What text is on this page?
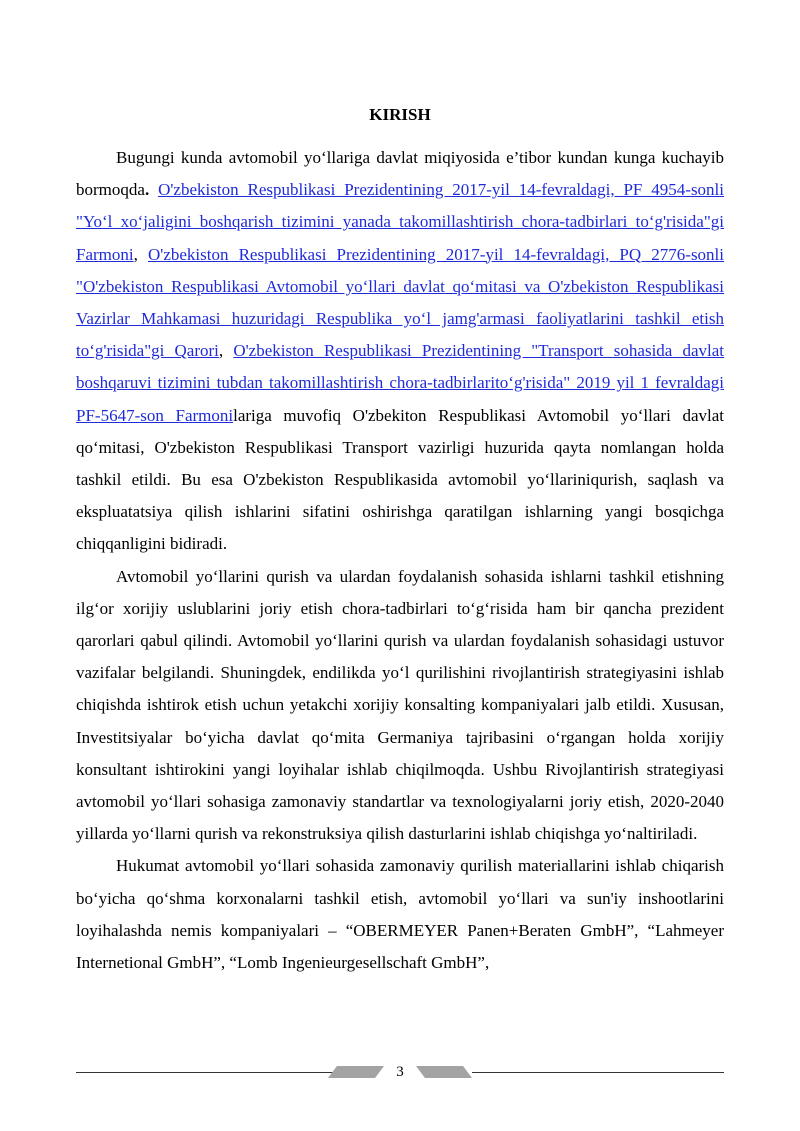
KIRISH

Bugungi kunda avtomobil yo‘llariga davlat miqiyosida e’tibor kundan kunga kuchayib bormoqda. O'zbekiston Respublikasi Prezidentining 2017-yil 14-fevraldagi, PF 4954-sonli "Yo‘l xo‘jaligini boshqarish tizimini yanada takomillashtirish chora-tadbirlari to‘g'risida"gi Farmoni, O'zbekiston Respublikasi Prezidentining 2017-yil 14-fevraldagi, PQ 2776-sonli "O'zbekiston Respublikasi Avtomobil yo‘llari davlat qo‘mitasi va O'zbekiston Respublikasi Vazirlar Mahkamasi huzuridagi Respublika yo‘l jamg'armasi faoliyatlarini tashkil etish to‘g'risida"gi Qarori, O'zbekiston Respublikasi Prezidentining "Transport sohasida davlat boshqaruvi tizimini tubdan takomillashtirish chora-tadbirlarito‘g'risida" 2019 yil 1 fevraldagi PF-5647-son Farmonilariga muvofiq O'zbekiton Respublikasi Avtomobil yo‘llari davlat qo‘mitasi, O'zbekiston Respublikasi Transport vazirligi huzurida qayta nomlangan holda tashkil etildi. Bu esa O'zbekiston Respublikasida avtomobil yo‘llariniqurish, saqlash va ekspluatatsiya qilish ishlarini sifatini oshirishga qaratilgan ishlarning yangi bosqichga chiqqanligini bidiradi.

Avtomobil yo‘llarini qurish va ulardan foydalanish sohasida ishlarni tashkil etishning ilg‘or xorijiy uslublarini joriy etish chora-tadbirlari to‘g‘risida ham bir qancha prezident qarorlari qabul qilindi. Avtomobil yo‘llarini qurish va ulardan foydalanish sohasidagi ustuvor vazifalar belgilandi. Shuningdek, endilikda yo‘l qurilishini rivojlantirish strategiyasini ishlab chiqishda ishtirok etish uchun yetakchi xorijiy konsalting kompaniyalari jalb etildi. Xususan, Investitsiyalar bo‘yicha davlat qo‘mita Germaniya tajribasini o‘rgangan holda xorijiy konsultant ishtirokini yangi loyihalar ishlab chiqilmoqda. Ushbu Rivojlantirish strategiyasi avtomobil yo‘llari sohasiga zamonaviy standartlar va texnologiyalarni joriy etish, 2020-2040 yillarda yo‘llarni qurish va rekonstruksiya qilish dasturlarini ishlab chiqishga yo‘naltiriladi.

Hukumat avtomobil yo‘llari sohasida zamonaviy qurilish materiallarini ishlab chiqarish bo‘yicha qo‘shma korxonalarni tashkil etish, avtomobil yo‘llari va sun'iy inshootlarini loyihalashda nemis kompaniyalari – “OBERMEYER Panen+Beraten GmbH”, “Lahmeyer Internetional GmbH”, “Lomb Ingenieurgesellschaft GmbH”,

3
